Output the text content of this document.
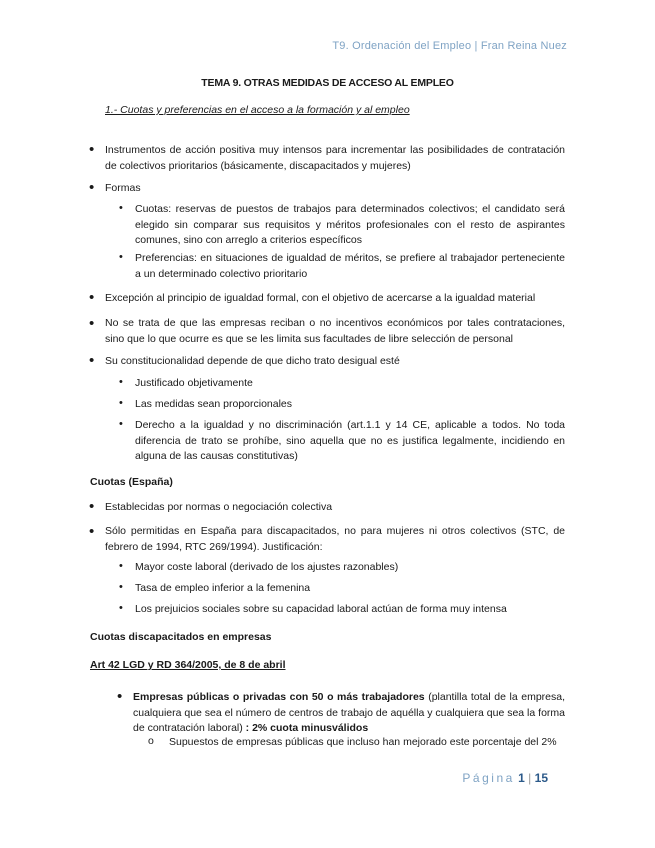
T9. Ordenación del Empleo | Fran Reina Nuez
TEMA 9. OTRAS MEDIDAS DE ACCESO AL EMPLEO
1.- Cuotas y preferencias en el acceso a la formación y al empleo
• Instrumentos de acción positiva muy intensos para incrementar las posibilidades de contratación de colectivos prioritarios (básicamente, discapacitados y mujeres)
• Formas
• Cuotas: reservas de puestos de trabajos para determinados colectivos; el candidato será elegido sin comparar sus requisitos y méritos profesionales con el resto de aspirantes comunes, sino con arreglo a criterios específicos
• Preferencias: en situaciones de igualdad de méritos, se prefiere al trabajador perteneciente a un determinado colectivo prioritario
• Excepción al principio de igualdad formal, con el objetivo de acercarse a la igualdad material
• No se trata de que las empresas reciban o no incentivos económicos por tales contrataciones, sino que lo que ocurre es que se les limita sus facultades de libre selección de personal
• Su constitucionalidad depende de que dicho trato desigual esté
• Justificado objetivamente
• Las medidas sean proporcionales
• Derecho a la igualdad y no discriminación (art.1.1 y 14 CE, aplicable a todos. No toda diferencia de trato se prohíbe, sino aquella que no es justifica legalmente, incidiendo en alguna de las causas constitutivas)
Cuotas (España)
• Establecidas por normas o negociación colectiva
• Sólo permitidas en España para discapacitados, no para mujeres ni otros colectivos (STC, de febrero de 1994, RTC 269/1994). Justificación:
• Mayor coste laboral (derivado de los ajustes razonables)
• Tasa de empleo inferior a la femenina
• Los prejuicios sociales sobre su capacidad laboral actúan de forma muy intensa
Cuotas discapacitados en empresas
Art 42 LGD y RD 364/2005, de 8 de abril
• Empresas públicas o privadas con 50 o más trabajadores (plantilla total de la empresa, cualquiera que sea el número de centros de trabajo de aquélla y cualquiera que sea la forma de contratación laboral) : 2% cuota minusválidos
o Supuestos de empresas públicas que incluso han mejorado este porcentaje del 2%
Página 1 | 15
